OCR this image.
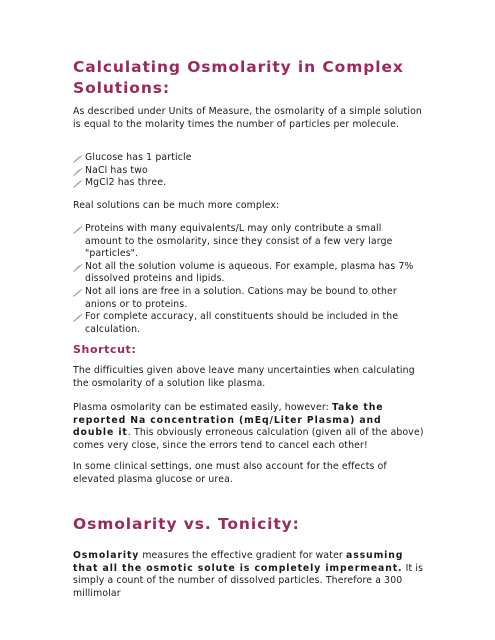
Calculating Osmolarity in Complex Solutions:

As described under Units of Measure, the osmolarity of a simple solution is equal to the molarity times the number of particles per molecule.

Glucose has 1 particle
NaCl has two
MgCl2 has three.

Real solutions can be much more complex:

Proteins with many equivalents/L may only contribute a small amount to the osmolarity, since they consist of a few very large "particles".
Not all the solution volume is aqueous. For example, plasma has 7% dissolved proteins and lipids.
Not all ions are free in a solution. Cations may be bound to other anions or to proteins.
For complete accuracy, all constituents should be included in the calculation.
Shortcut:

The difficulties given above leave many uncertainties when calculating the osmolarity of a solution like plasma.

Plasma osmolarity can be estimated easily, however: Take the reported Na concentration (mEq/Liter Plasma) and double it. This obviously erroneous calculation (given all of the above) comes very close, since the errors tend to cancel each other!

In some clinical settings, one must also account for the effects of elevated plasma glucose or urea.

Osmolarity vs. Tonicity:

Osmolarity measures the effective gradient for water assuming that all the osmotic solute is completely impermeant. It is simply a count of the number of dissolved particles. Therefore a 300 millimolar
